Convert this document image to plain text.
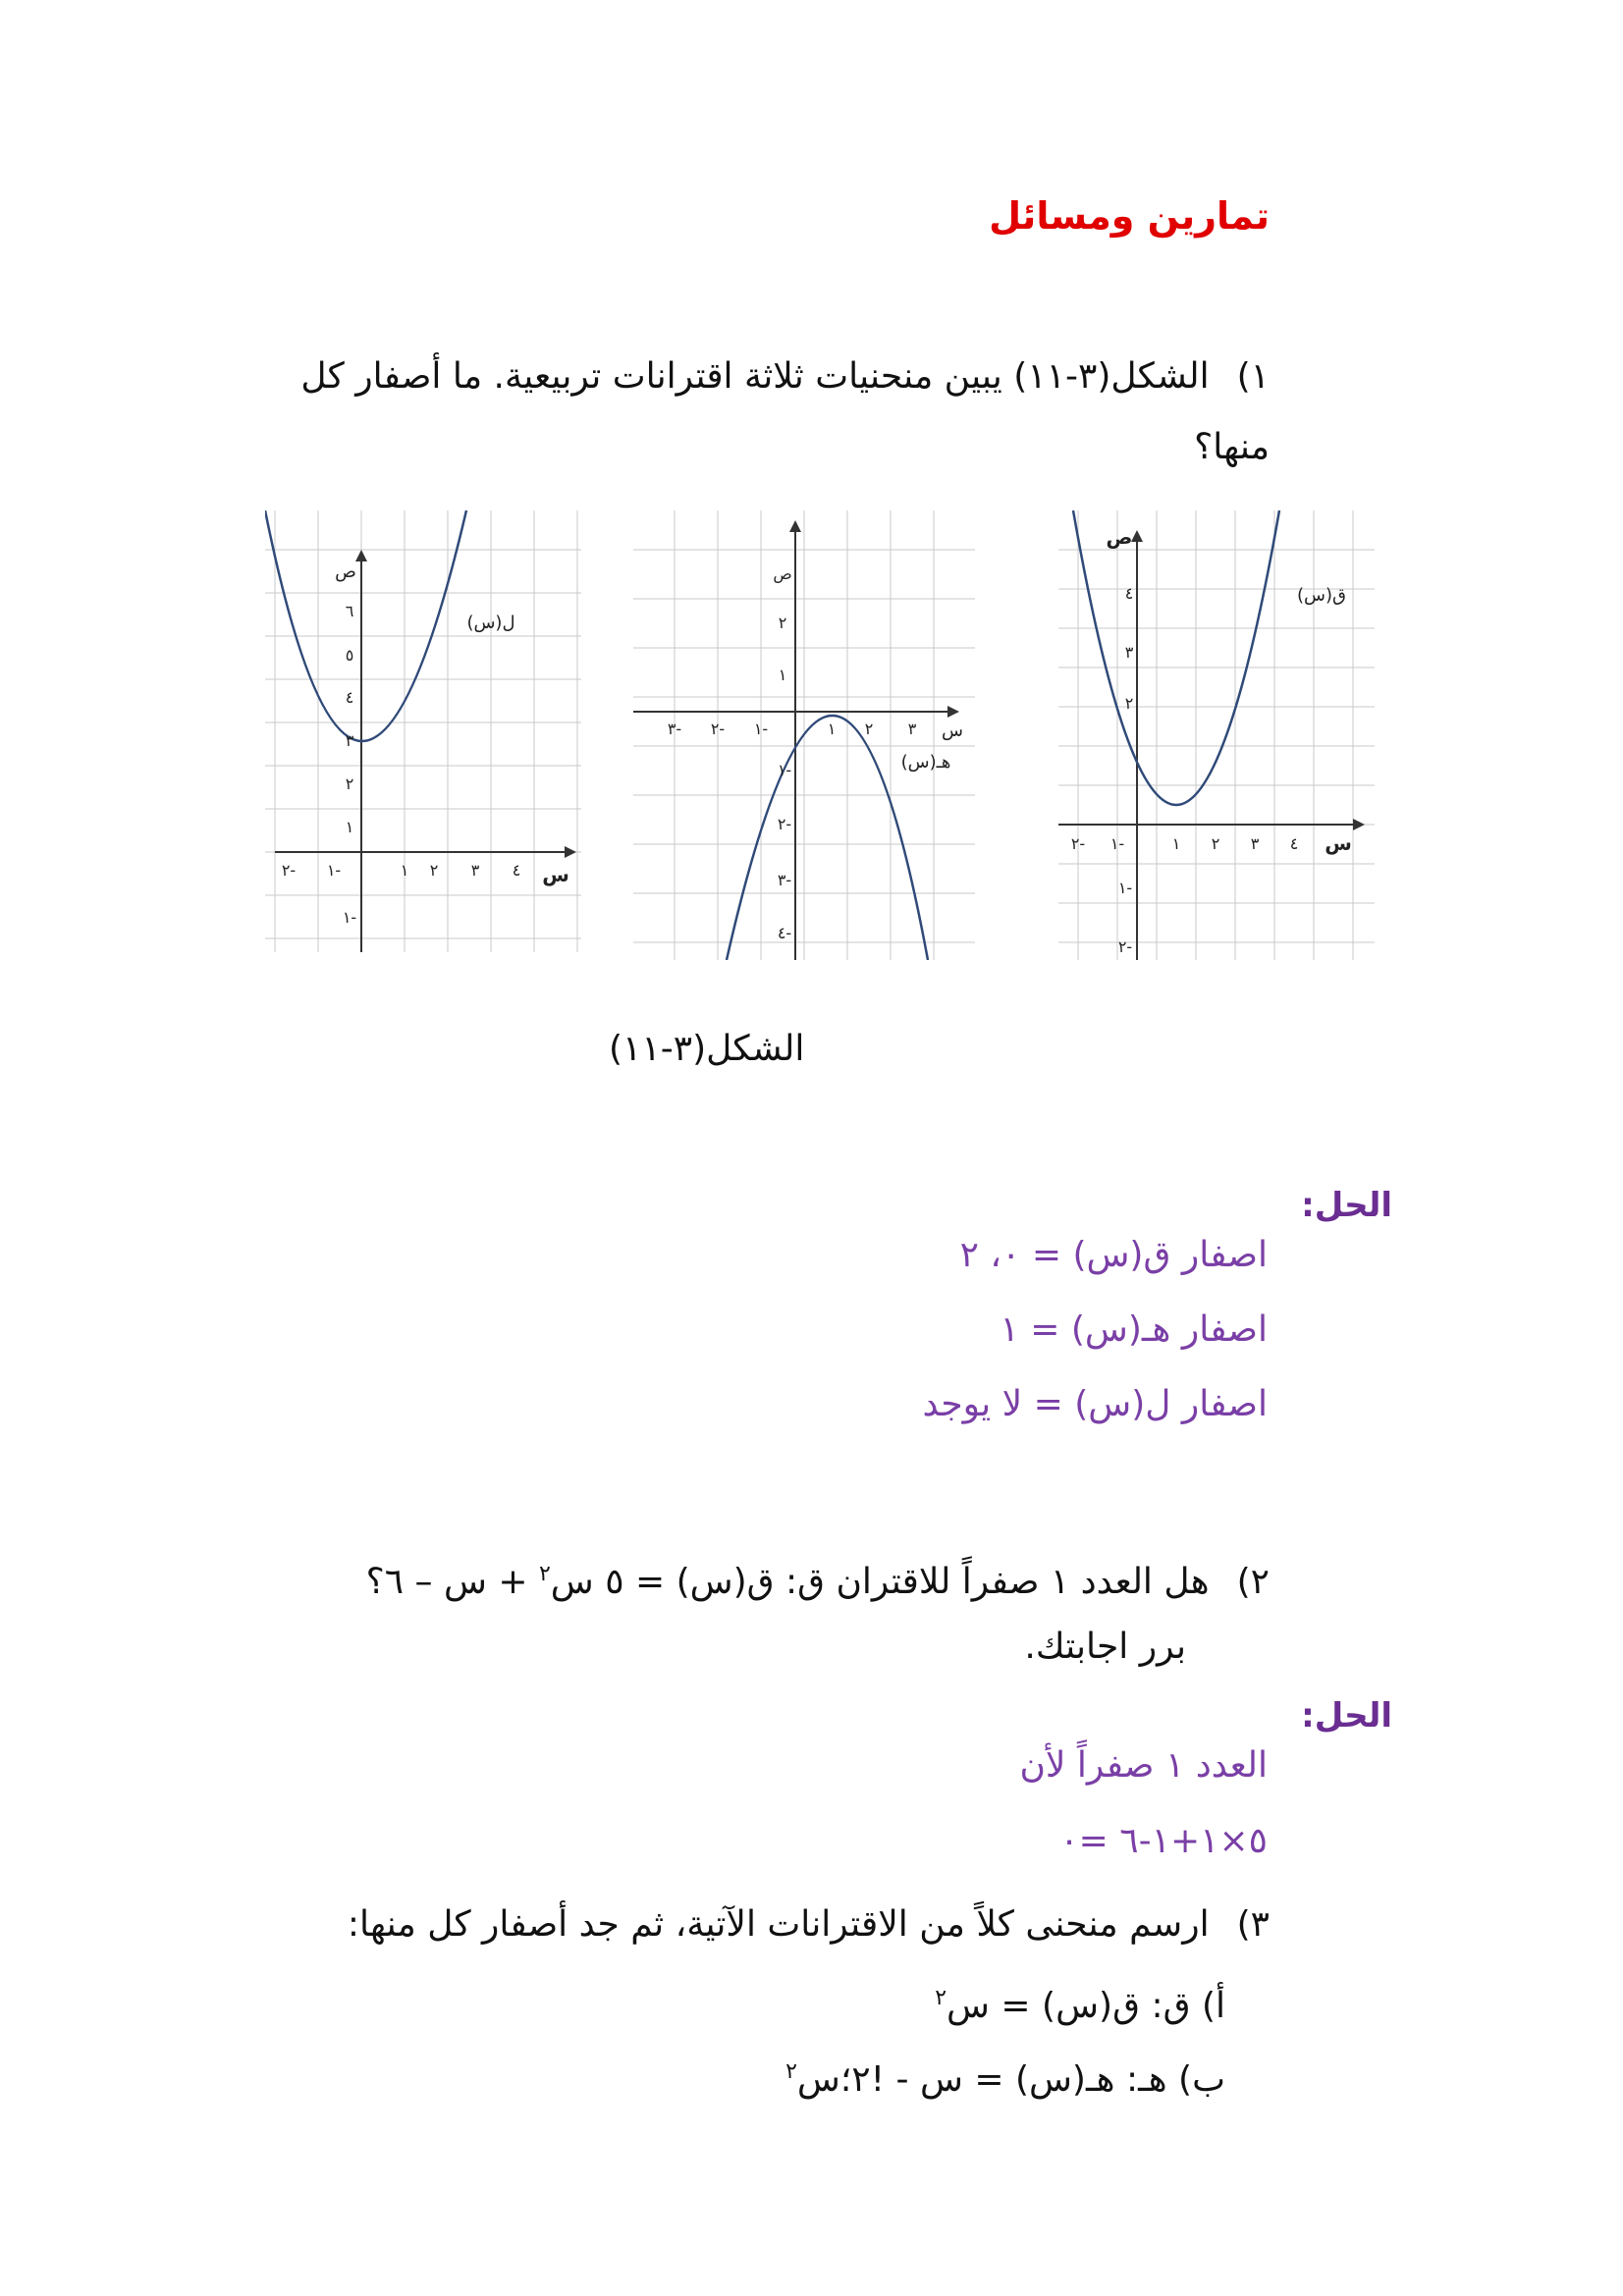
تمارين ومسائل
١)الشكل(٣-١١) يبين منحنيات ثلاثة اقترانات تربيعية. ما أصفار كل
منها؟
ص
٤
٣
٢
١ ٢ ٣ ٤
١-
٢-
١-
٢-
س
ق(س)
ص
٢
١
٣- ٢- ١-	١ ٢ ٣ س
١-
٢-
٣-
٤-
هـ(س)
ص
٦
٥
٤
٣
٢
١
١ ٢ ٣ ٤
١-
٢-
١-
س
ل(س)
الشكل(٣-١١)
الحل:
اصفار ق(س) = ٠، ٢
اصفار هـ(س) = ١
اصفار ل(س) = لا يوجد
٢)هل العدد ١ صفراً للاقتران ق: ق(س) = ٥ س$^٢$ + س – ٦؟
برر اجابتك.
الحل:
العدد ١ صفراً لأن
٥×١+١-٦ =٠
٣)ارسم منحنى كلاً من الاقترانات الآتية، ثم جد أصفار كل منها:
أ) ق: ق(س) = س$^٢$
ب) هـ: هـ(س) = س - !٢؛س$^٢$
